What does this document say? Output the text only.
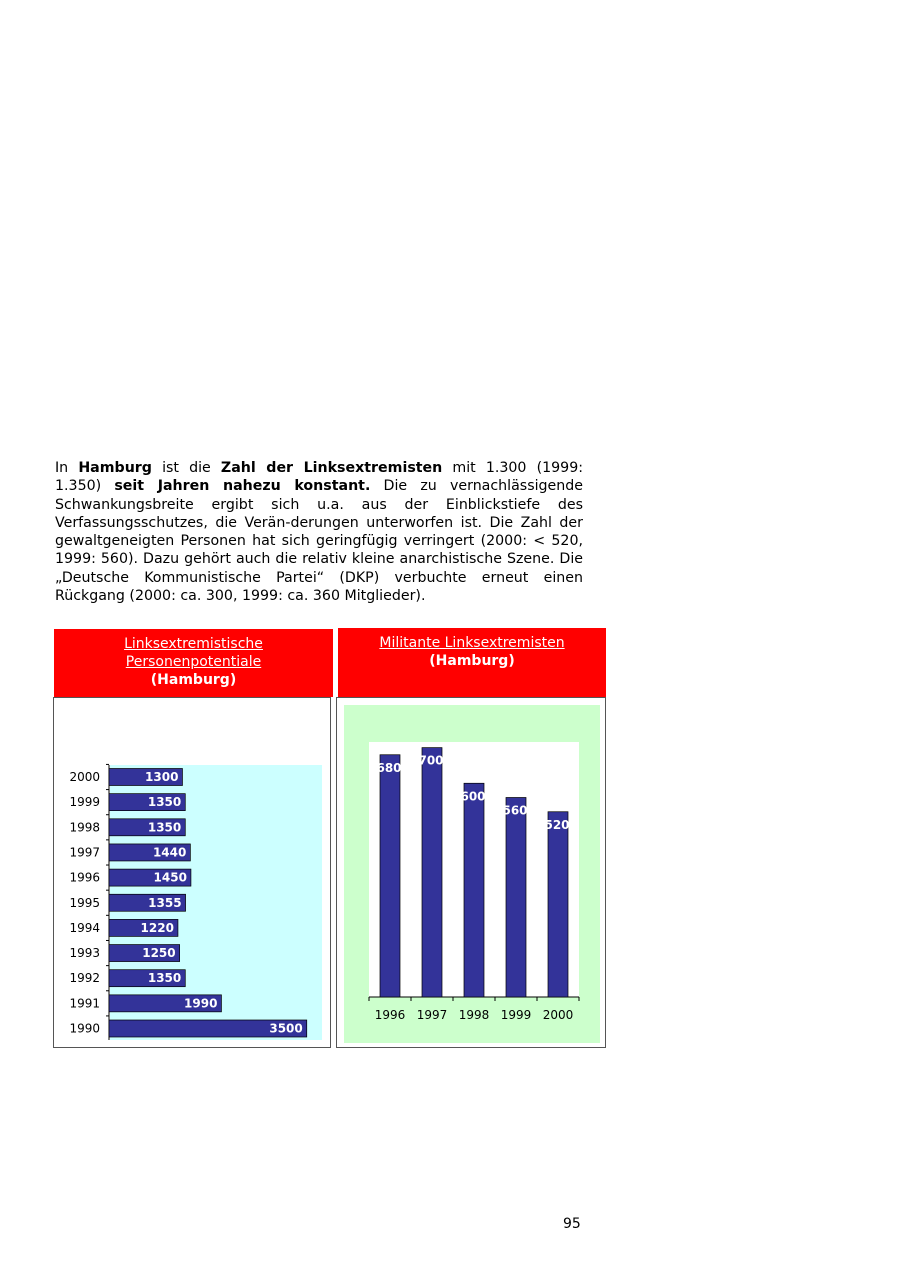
In Hamburg ist die Zahl der Linksextremisten mit 1.300 (1999: 1.350) seit Jahren nahezu konstant. Die zu vernachlässigende Schwankungsbreite ergibt sich u.a. aus der Einblickstiefe des Verfassungsschutzes, die Verän-derungen unterworfen ist. Die Zahl der gewaltgeneigten Personen hat sich geringfügig verringert (2000: < 520, 1999: 560). Dazu gehört auch die relativ kleine anarchistische Szene. Die „Deutsche Kommunistische Partei“ (DKP) verbuchte erneut einen Rückgang (2000: ca. 300, 1999: ca. 360 Mitglieder).

Linksextremistische
Personenpotentiale
(Hamburg)
Militante Linksextremisten
(Hamburg)
1300
2000
1350
1999
1350
1998
1440
1997
1450
1996
1355
1995
1220
1994
1250
1993
1350
1992
1990
1991
3500
1990
680
1996
700
1997
600
1998
560
1999
520
2000
95
